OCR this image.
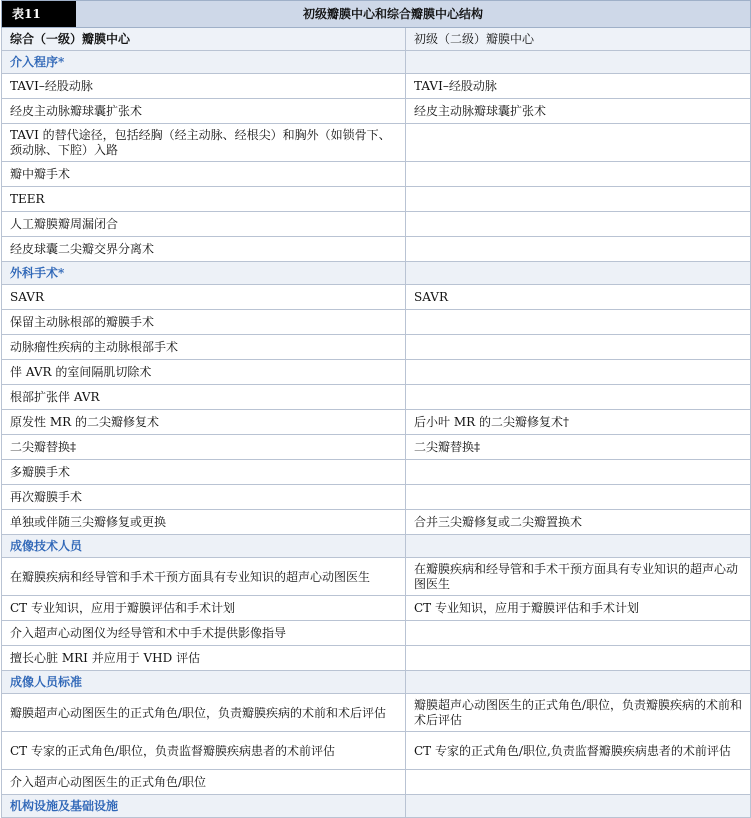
表11 初级瓣膜中心和综合瓣膜中心结构	

综合（一级）瓣膜中心	初级（二级）瓣膜中心
介入程序*	
TAVI–经股动脉	TAVI–经股动脉
经皮主动脉瓣球囊扩张术	经皮主动脉瓣球囊扩张术
TAVI 的替代途径，包括经胸（经主动脉、经根尖）和胸外（如锁骨下、颈动脉、下腔）入路	
瓣中瓣手术	
TEER	
人工瓣膜瓣周漏闭合	
经皮球囊二尖瓣交界分离术	
外科手术*	
SAVR	SAVR
保留主动脉根部的瓣膜手术	
动脉瘤性疾病的主动脉根部手术	
伴 AVR 的室间隔肌切除术	
根部扩张伴 AVR	
原发性 MR 的二尖瓣修复术	后小叶 MR 的二尖瓣修复术†
二尖瓣替换‡	二尖瓣替换‡
多瓣膜手术	
再次瓣膜手术	
单独或伴随三尖瓣修复或更换	合并三尖瓣修复或二尖瓣置换术
成像技术人员	
在瓣膜疾病和经导管和手术干预方面具有专业知识的超声心动图医生	在瓣膜疾病和经导管和手术干预方面具有专业知识的超声心动图医生
CT 专业知识，应用于瓣膜评估和手术计划	CT 专业知识，应用于瓣膜评估和手术计划
介入超声心动图仪为经导管和术中手术提供影像指导	
擅长心脏 MRI 并应用于 VHD 评估	
成像人员标准	
瓣膜超声心动图医生的正式角色/职位，负责瓣膜疾病的术前和术后评估	瓣膜超声心动图医生的正式角色/职位，负责瓣膜疾病的术前和术后评估
CT 专家的正式角色/职位，负责监督瓣膜疾病患者的术前评估	CT 专家的正式角色/职位,负责监督瓣膜疾病患者的术前评估
介入超声心动图医生的正式角色/职位	
机构设施及基础设施	
